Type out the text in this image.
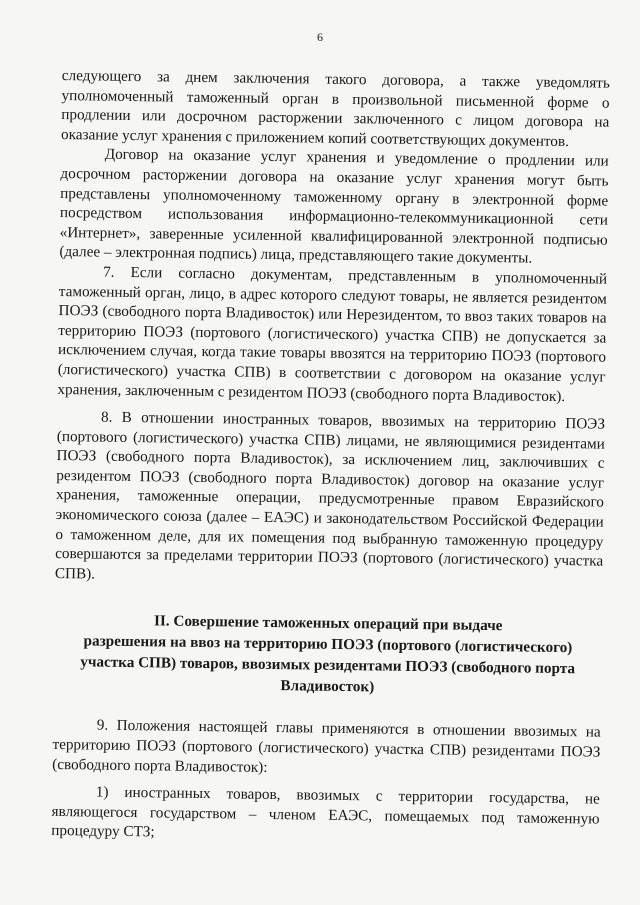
6

следующего за днем заключения такого договора, а также уведомлять уполномоченный таможенный орган в произвольной письменной форме о продлении или досрочном расторжении заключенного с лицом договора на оказание услуг хранения с приложением копий соответствующих документов.

Договор на оказание услуг хранения и уведомление о продлении или досрочном расторжении договора на оказание услуг хранения могут быть представлены уполномоченному таможенному органу в электронной форме посредством использования информационно-телекоммуникационной сети «Интернет», заверенные усиленной квалифицированной электронной подписью (далее – электронная подпись) лица, представляющего такие документы.

7. Если согласно документам, представленным в уполномоченный таможенный орган, лицо, в адрес которого следуют товары, не является резидентом ПОЭЗ (свободного порта Владивосток) или Нерезидентом, то ввоз таких товаров на территорию ПОЭЗ (портового (логистического) участка СПВ) не допускается за исключением случая, когда такие товары ввозятся на территорию ПОЭЗ (портового (логистического) участка СПВ) в соответствии с договором на оказание услуг хранения, заключенным с резидентом ПОЭЗ (свободного порта Владивосток).

8. В отношении иностранных товаров, ввозимых на территорию ПОЭЗ (портового (логистического) участка СПВ) лицами, не являющимися резидентами ПОЭЗ (свободного порта Владивосток), за исключением лиц, заключивших с резидентом ПОЭЗ (свободного порта Владивосток) договор на оказание услуг хранения, таможенные операции, предусмотренные правом Евразийского экономического союза (далее – ЕАЭС) и законодательством Российской Федерации о таможенном деле, для их помещения под выбранную таможенную процедуру совершаются за пределами территории ПОЭЗ (портового (логистического) участка СПВ).

II. Совершение таможенных операций при выдаче
разрешения на ввоз на территорию ПОЭЗ (портового (логистического)
участка СПВ) товаров, ввозимых резидентами ПОЭЗ (свободного порта
Владивосток)

9. Положения настоящей главы применяются в отношении ввозимых на территорию ПОЭЗ (портового (логистического) участка СПВ) резидентами ПОЭЗ (свободного порта Владивосток):

1) иностранных товаров, ввозимых с территории государства, не являющегося государством – членом ЕАЭС, помещаемых под таможенную процедуру СТЗ;
